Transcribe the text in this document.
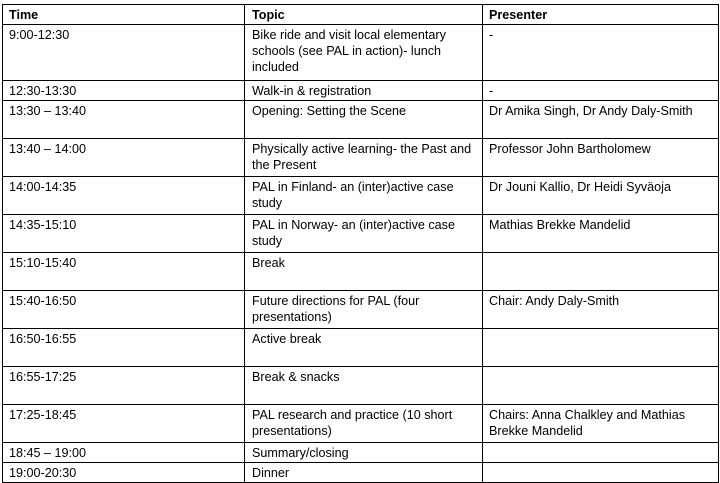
Time	Topic	Presenter
9:00-12:30	Bike ride and visit local elementary schools (see PAL in action)- lunch included	-
12:30-13:30	Walk-in & registration	-
13:30 – 13:40	Opening: Setting the Scene	Dr Amika Singh, Dr Andy Daly-Smith
13:40 – 14:00	Physically active learning- the Past and the Present	Professor John Bartholomew
14:00-14:35	PAL in Finland- an (inter)active case study	Dr Jouni Kallio, Dr Heidi Syväoja
14:35-15:10	PAL in Norway- an (inter)active case study	Mathias Brekke Mandelid
15:10-15:40	Break	
15:40-16:50	Future directions for PAL (four presentations)	Chair: Andy Daly-Smith
16:50-16:55	Active break	
16:55-17:25	Break & snacks	
17:25-18:45	PAL research and practice (10 short presentations)	Chairs: Anna Chalkley and Mathias Brekke Mandelid
18:45 – 19:00	Summary/closing	
19:00-20:30	Dinner	
